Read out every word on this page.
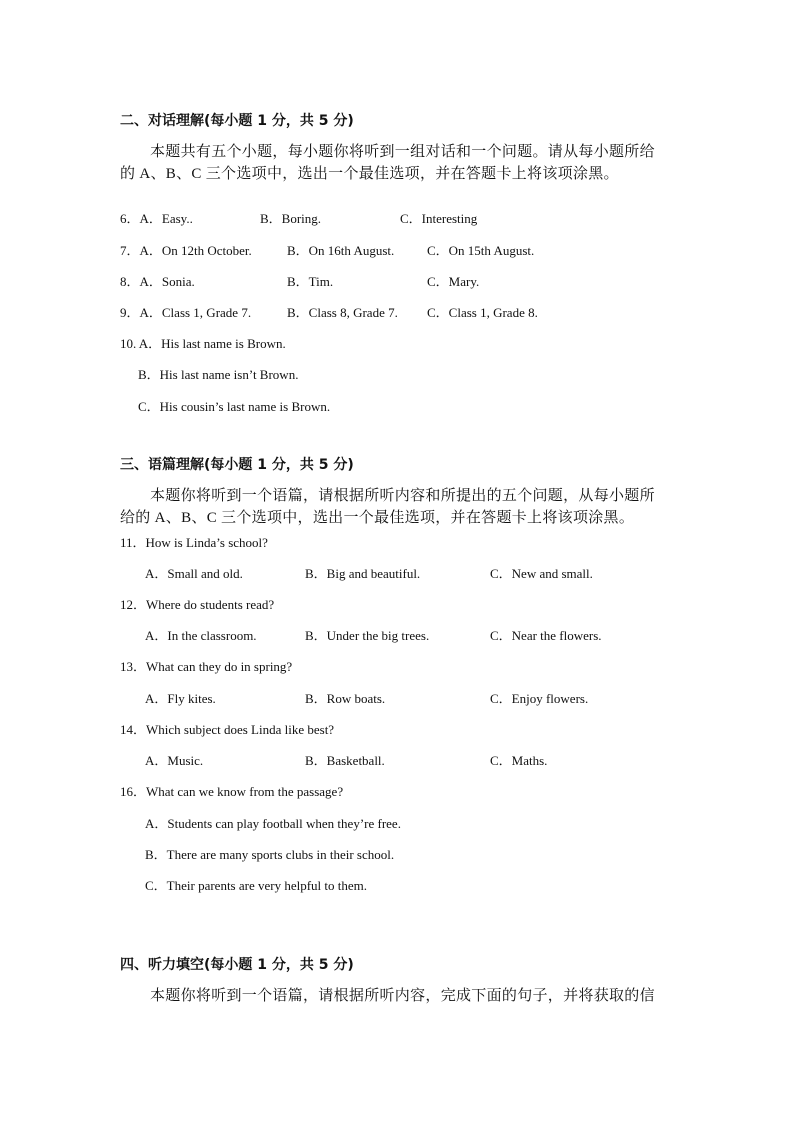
二、对话理解(每小题 1 分，共 5 分)
本题共有五个小题，每小题你将听到一组对话和一个问题。请从每小题所给
的 A、B、C 三个选项中，选出一个最佳选项，并在答题卡上将该项涂黑。
6．A．Easy..	B．Boring.	C．Interesting
7．A．On 12th October.	B．On 16th August.	C．On 15th August.
8．A．Sonia.	B．Tim.	C．Mary.
9．A．Class 1, Grade 7.	B．Class 8, Grade 7. C．Class 1, Grade 8.
10. A．His last name is Brown.
B．His last name isn’t Brown.
C．His cousin’s last name is Brown.
三、语篇理解(每小题 1 分，共 5 分)
本题你将听到一个语篇，请根据所听内容和所提出的五个问题，从每小题所
给的 A、B、C 三个选项中，选出一个最佳选项，并在答题卡上将该项涂黑。
11．How is Linda’s school?
A．Small and old.	B．Big and beautiful.	C．New and small.
12．Where do students read?
A．In the classroom.	B．Under the big trees.	C．Near the flowers.
13．What can they do in spring?
A．Fly kites.	B．Row boats.	C．Enjoy flowers.
14．Which subject does Linda like best?
A．Music.	B．Basketball.	C．Maths.
16．What can we know from the passage?
A．Students can play football when they’re free.
B．There are many sports clubs in their school.
C．Their parents are very helpful to them.
四、听力填空(每小题 1 分，共 5 分)
本题你将听到一个语篇，请根据所听内容，完成下面的句子，并将获取的信
